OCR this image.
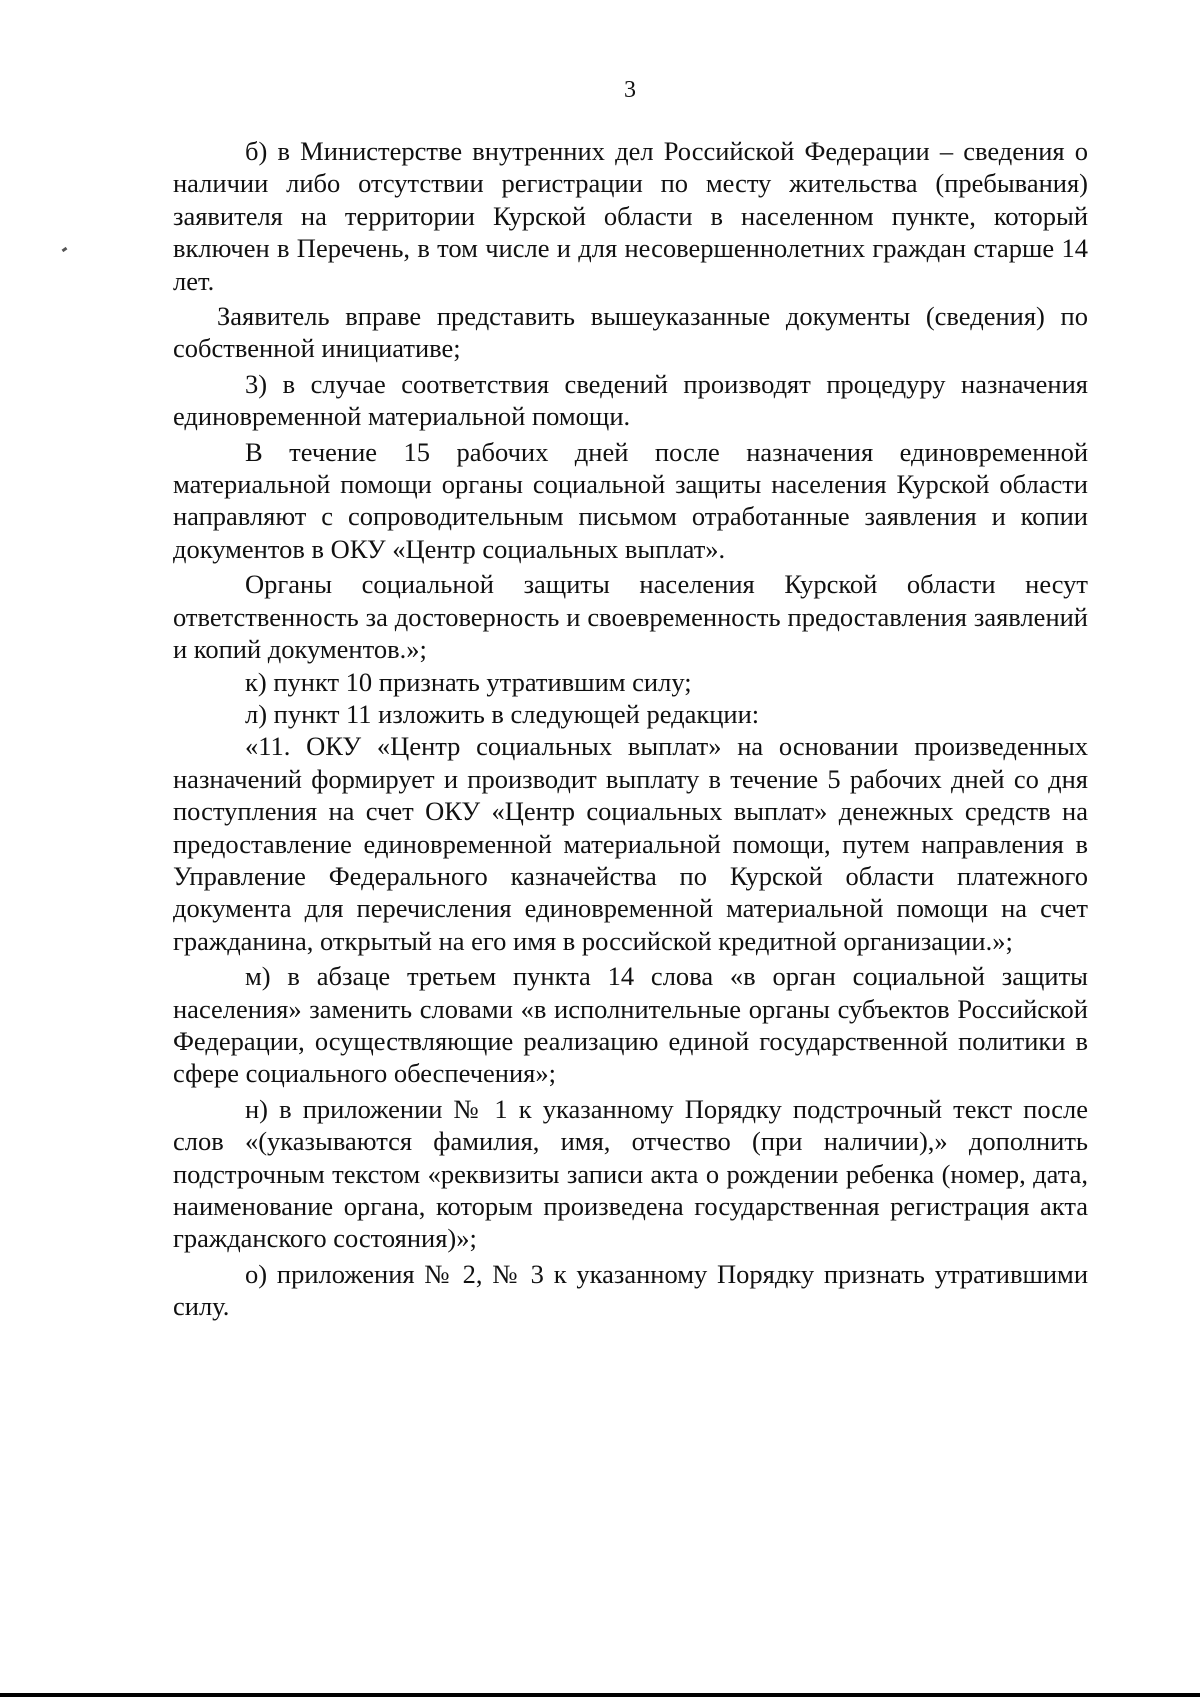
3

б) в Министерстве внутренних дел Российской Федерации – сведения о наличии либо отсутствии регистрации по месту жительства (пребывания) заявителя на территории Курской области в населенном пункте, который включен в Перечень, в том числе и для несовершеннолетних граждан старше 14 лет.

Заявитель вправе представить вышеуказанные документы (сведения) по собственной инициативе;

3) в случае соответствия сведений производят процедуру назначения единовременной материальной помощи.

В течение 15 рабочих дней после назначения единовременной материальной помощи органы социальной защиты населения Курской области направляют с сопроводительным письмом отработанные заявления и копии документов в ОКУ «Центр социальных выплат».

Органы социальной защиты населения Курской области несут ответственность за достоверность и своевременность предоставления заявлений и копий документов.»;

к) пункт 10 признать утратившим силу;

л) пункт 11 изложить в следующей редакции:

«11. ОКУ «Центр социальных выплат» на основании произведенных назначений формирует и производит выплату в течение 5 рабочих дней со дня поступления на счет ОКУ «Центр социальных выплат» денежных средств на предоставление единовременной материальной помощи, путем направления в Управление Федерального казначейства по Курской области платежного документа для перечисления единовременной материальной помощи на счет гражданина, открытый на его имя в российской кредитной организации.»;

м) в абзаце третьем пункта 14 слова «в орган социальной защиты населения» заменить словами «в исполнительные органы субъектов Российской Федерации, осуществляющие реализацию единой государственной политики в сфере социального обеспечения»;

н) в приложении № 1 к указанному Порядку подстрочный текст после слов «(указываются фамилия, имя, отчество (при наличии),» дополнить подстрочным текстом «реквизиты записи акта о рождении ребенка (номер, дата, наименование органа, которым произведена государственная регистрация акта гражданского состояния)»;

о) приложения № 2, № 3 к указанному Порядку признать утратившими силу.
